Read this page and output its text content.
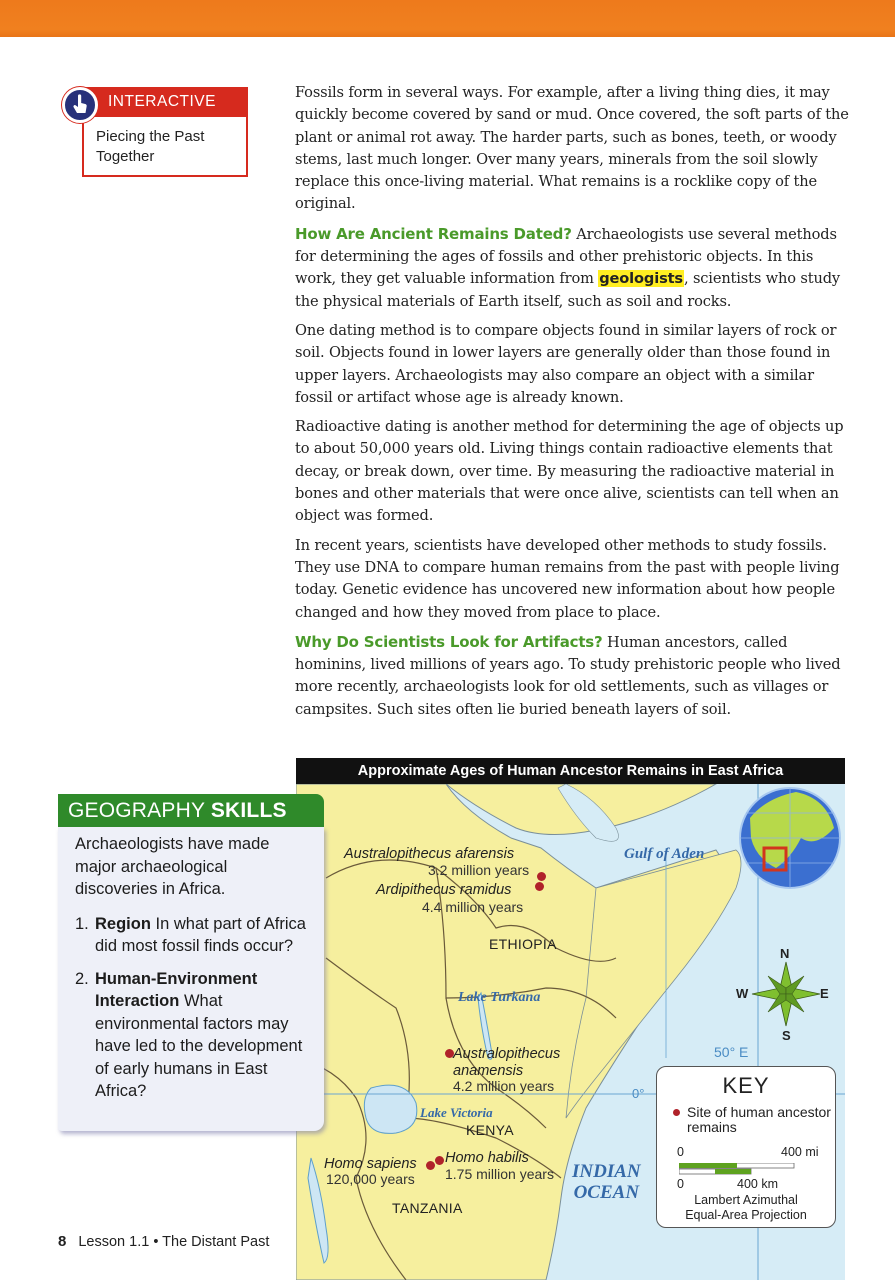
INTERACTIVE
Piecing the Past
Together

Fossils form in several ways. For example, after a living thing dies, it may quickly become covered by sand or mud. Once covered, the soft parts of the plant or animal rot away. The harder parts, such as bones, teeth, or woody stems, last much longer. Over many years, minerals from the soil slowly replace this once-living material. What remains is a rocklike copy of the original.

How Are Ancient Remains Dated? Archaeologists use several methods for determining the ages of fossils and other prehistoric objects. In this work, they get valuable information from geologists, scientists who study the physical materials of Earth itself, such as soil and rocks.

One dating method is to compare objects found in similar layers of rock or soil. Objects found in lower layers are generally older than those found in upper layers. Archaeologists may also compare an object with a similar fossil or artifact whose age is already known.

Radioactive dating is another method for determining the age of objects up to about 50,000 years old. Living things contain radioactive elements that decay, or break down, over time. By measuring the radioactive material in bones and other materials that were once alive, scientists can tell when an object was formed.

In recent years, scientists have developed other methods to study fossils. They use DNA to compare human remains from the past with people living today. Genetic evidence has uncovered new information about how people changed and how they moved from place to place.

Why Do Scientists Look for Artifacts? Human ancestors, called hominins, lived millions of years ago. To study prehistoric people who lived more recently, archaeologists look for old settlements, such as villages or campsites. Such sites often lie buried beneath layers of soil.

Approximate Ages of Human Ancestor Remains in East Africa
Gulf of Aden
Lake Turkana
Lake Victoria
INDIAN
OCEAN
0°
50° E
ETHIOPIA
KENYA
TANZANIA
Australopithecus afarensis
3.2 million years
Ardipithecus ramidus
4.4 million years
Australopithecus
anamensis
4.2 million years
Homo habilis
1.75 million years
Homo sapiens
120,000 years
N
W	E
S
KEY
Site of human ancestor remains
0	400 mi
0	400 km
Lambert Azimuthal
Equal-Area Projection
GEOGRAPHY SKILLS
Archaeologists have made major archaeological discoveries in Africa.
1. Region In what part of Africa did most fossil finds occur?
2. Human-Environment Interaction What environmental factors may have led to the development of early humans in East Africa?
8 Lesson 1.1 • The Distant Past
